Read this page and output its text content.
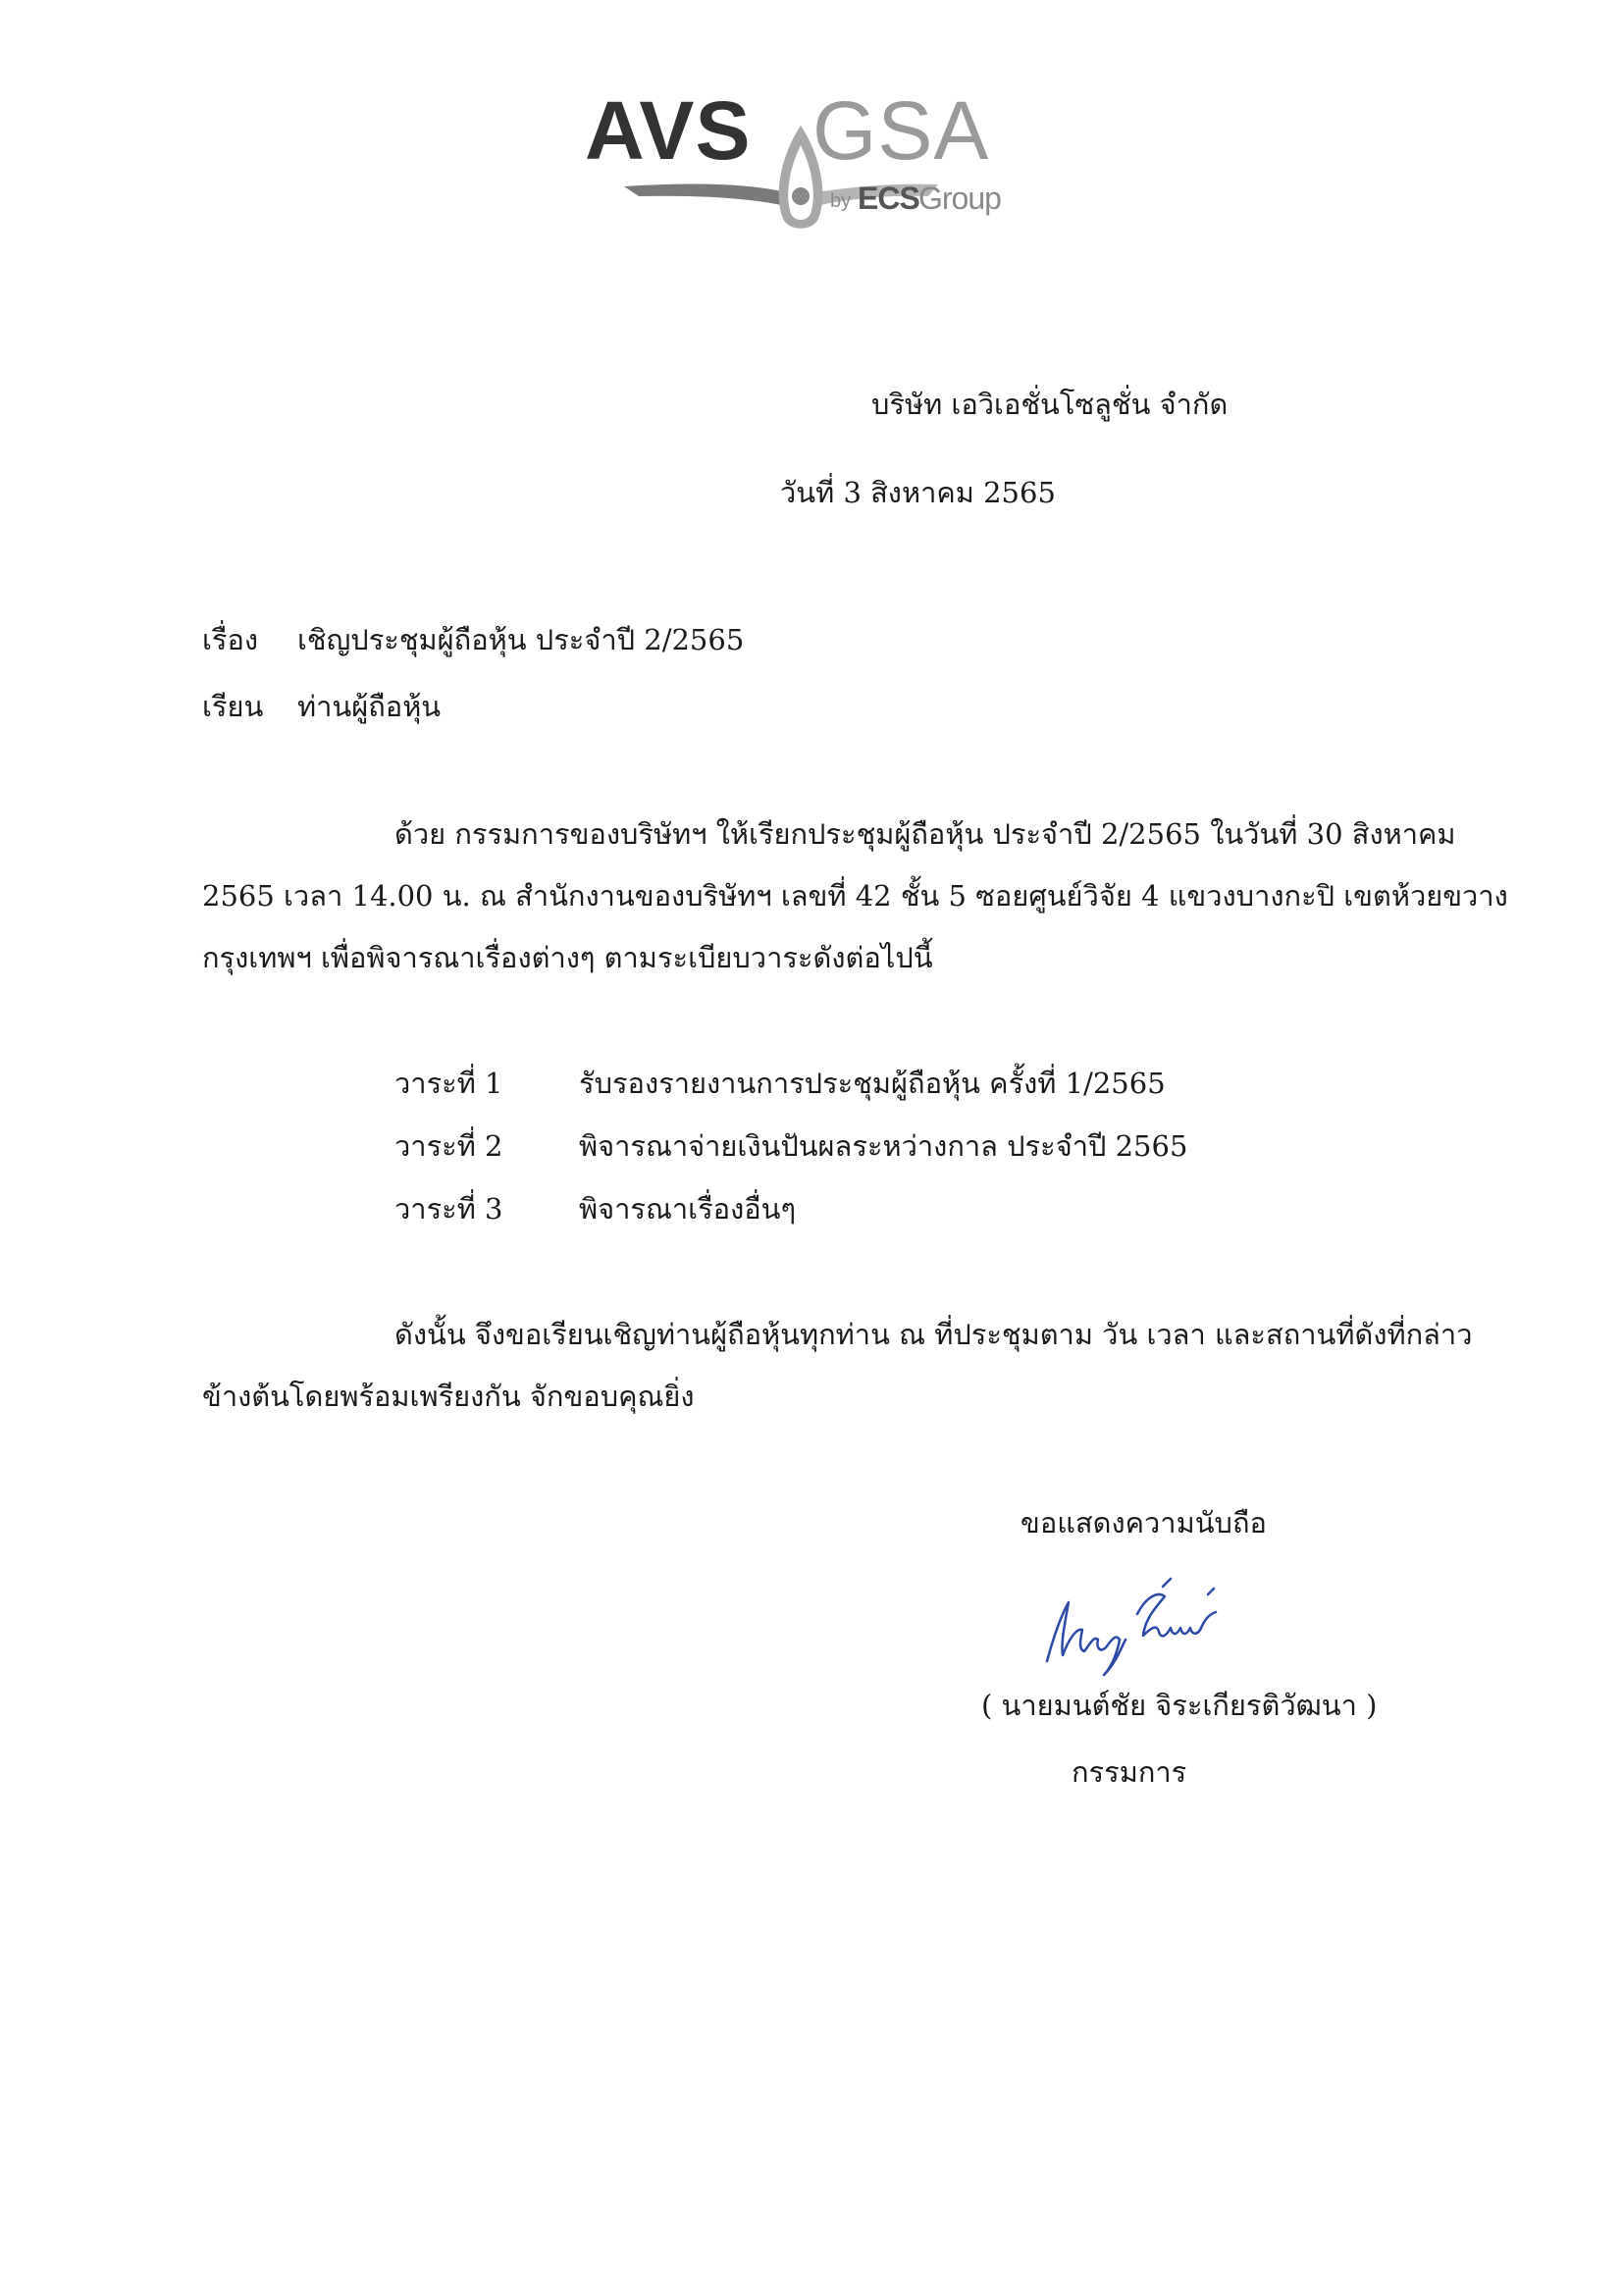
AVS GSA
by ECS Group
บริษัท เอวิเอชั่นโซลูชั่น จำกัด
วันที่ 3 สิงหาคม 2565
เรื่อง เชิญประชุมผู้ถือหุ้น ประจำปี 2/2565
เรียน ท่านผู้ถือหุ้น
ด้วย กรรมการของบริษัทฯ ให้เรียกประชุมผู้ถือหุ้น ประจำปี 2/2565 ในวันที่ 30 สิงหาคม
2565 เวลา 14.00 น. ณ สำนักงานของบริษัทฯ เลขที่ 42 ชั้น 5 ซอยศูนย์วิจัย 4 แขวงบางกะปิ เขตห้วยขวาง
กรุงเทพฯ เพื่อพิจารณาเรื่องต่างๆ ตามระเบียบวาระดังต่อไปนี้
วาระที่ 1	รับรองรายงานการประชุมผู้ถือหุ้น ครั้งที่ 1/2565
วาระที่ 2	พิจารณาจ่ายเงินปันผลระหว่างกาล ประจำปี 2565
วาระที่ 3	พิจารณาเรื่องอื่นๆ
ดังนั้น จึงขอเรียนเชิญท่านผู้ถือหุ้นทุกท่าน ณ ที่ประชุมตาม วัน เวลา และสถานที่ดังที่กล่าว
ข้างต้นโดยพร้อมเพรียงกัน จักขอบคุณยิ่ง
ขอแสดงความนับถือ
( นายมนต์ชัย จิระเกียรติวัฒนา )
กรรมการ
